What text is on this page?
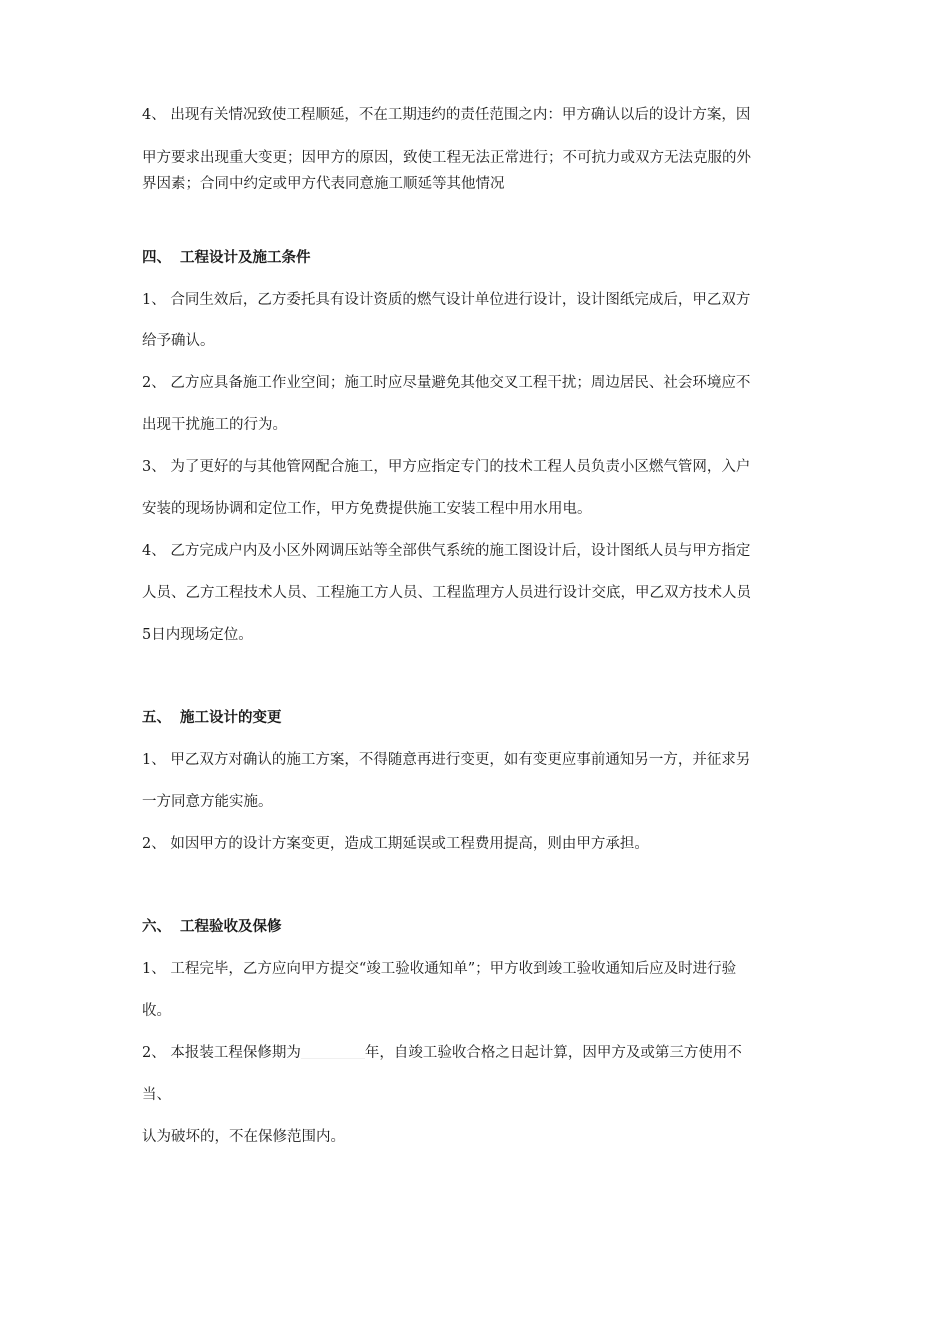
4、 出现有关情况致使工程顺延，不在工期违约的责任范围之内：甲方确认以后的设计方案，因
甲方要求出现重大变更；因甲方的原因，致使工程无法正常进行；不可抗力或双方无法克服的外
界因素；合同中约定或甲方代表同意施工顺延等其他情况
四、 工程设计及施工条件
1、 合同生效后，乙方委托具有设计资质的燃气设计单位进行设计，设计图纸完成后，甲乙双方
给予确认。
2、 乙方应具备施工作业空间；施工时应尽量避免其他交叉工程干扰；周边居民、社会环境应不
出现干扰施工的行为。
3、 为了更好的与其他管网配合施工，甲方应指定专门的技术工程人员负责小区燃气管网，入户
安装的现场协调和定位工作，甲方免费提供施工安装工程中用水用电。
4、 乙方完成户内及小区外网调压站等全部供气系统的施工图设计后，设计图纸人员与甲方指定
人员、乙方工程技术人员、工程施工方人员、工程监理方人员进行设计交底，甲乙双方技术人员
5日内现场定位。
五、 施工设计的变更
1、 甲乙双方对确认的施工方案，不得随意再进行变更，如有变更应事前通知另一方，并征求另
一方同意方能实施。
2、 如因甲方的设计方案变更，造成工期延误或工程费用提高，则由甲方承担。
六、 工程验收及保修
1、 工程完毕，乙方应向甲方提交“竣工验收通知单”；甲方收到竣工验收通知后应及时进行验
收。
2、 本报装工程保修期为	年，自竣工验收合格之日起计算，因甲方及或第三方使用不
当、
认为破坏的，不在保修范围内。
